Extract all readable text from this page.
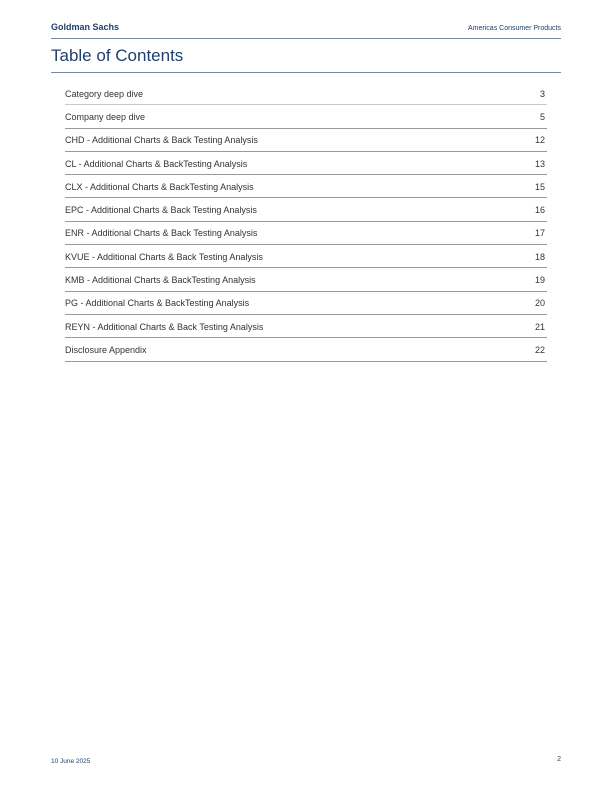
Goldman Sachs	Americas Consumer Products
Table of Contents
Category deep dive	3
Company deep dive	5
CHD - Additional Charts & Back Testing Analysis	12
CL - Additional Charts & BackTesting Analysis	13
CLX - Additional Charts & BackTesting Analysis	15
EPC - Additional Charts & Back Testing Analysis	16
ENR - Additional Charts & Back Testing Analysis	17
KVUE - Additional Charts & Back Testing Analysis	18
KMB - Additional Charts & BackTesting Analysis	19
PG - Additional Charts & BackTesting Analysis	20
REYN - Additional Charts & Back Testing Analysis	21
Disclosure Appendix	22
10 June 2025	2
